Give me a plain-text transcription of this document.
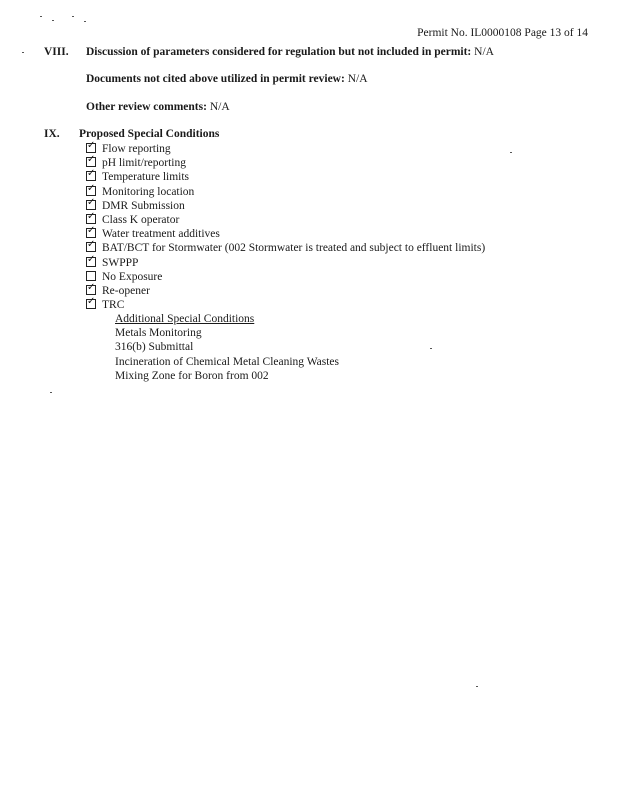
Permit No. IL0000108 Page 13 of 14
VIII. Discussion of parameters considered for regulation but not included in permit: N/A
Documents not cited above utilized in permit review: N/A
Other review comments: N/A
IX. Proposed Special Conditions
✓Flow reporting
✓pH limit/reporting
✓Temperature limits
✓Monitoring location
✓DMR Submission
✓Class K operator
✓Water treatment additives
✓BAT/BCT for Stormwater (002 Stormwater is treated and subject to effluent limits)
✓SWPPP
No Exposure
✓Re-opener
✓TRC
Additional Special Conditions
Metals Monitoring
316(b) Submittal
Incineration of Chemical Metal Cleaning Wastes
Mixing Zone for Boron from 002
